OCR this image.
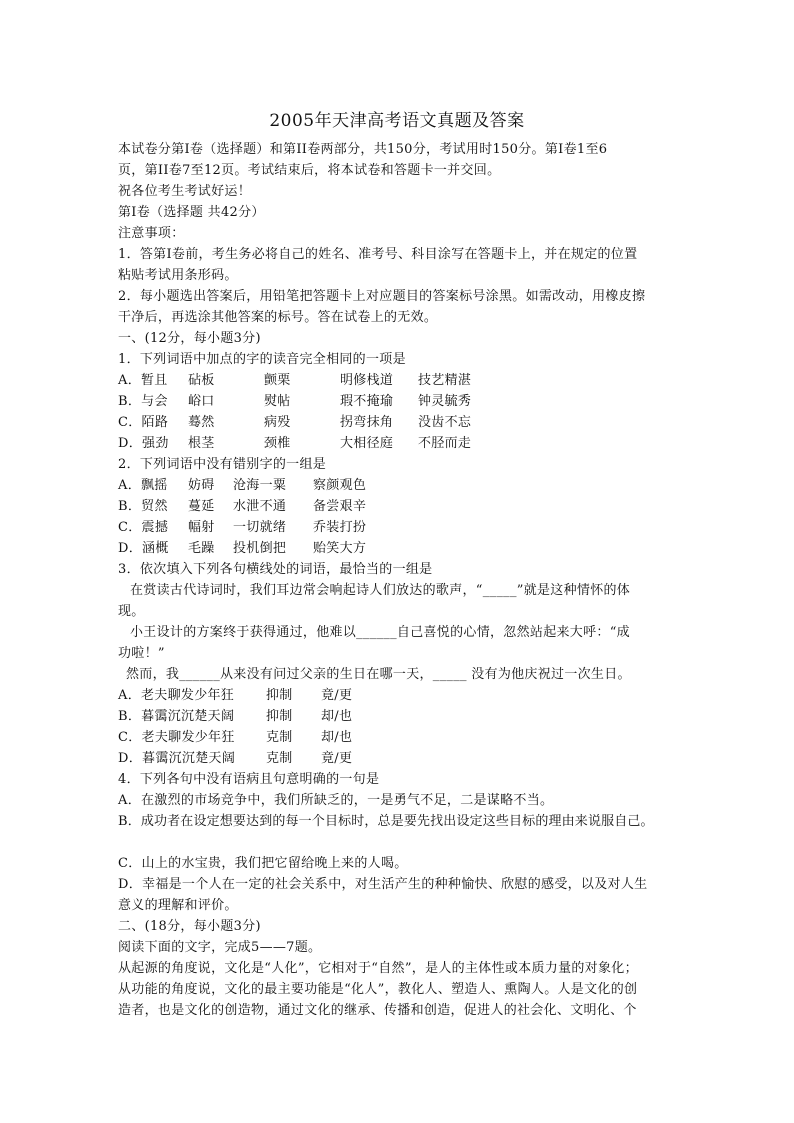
2005年天津高考语文真题及答案
本试卷分第Ⅰ卷（选择题）和第II卷两部分，共150分，考试用时150分。第Ⅰ卷1至6
页，第II卷7至12页。考试结束后，将本试卷和答题卡一并交回。
祝各位考生考试好运！
第Ⅰ卷（选择题 共42分）
注意事项：
1．答第Ⅰ卷前，考生务必将自己的姓名、准考号、科目涂写在答题卡上，并在规定的位置
粘贴考试用条形码。
2．每小题选出答案后，用铅笔把答题卡上对应题目的答案标号涂黑。如需改动，用橡皮擦
干净后，再选涂其他答案的标号。答在试卷上的无效。
一、(12分，每小题3分)
1．下列词语中加点的字的读音完全相同的一项是
A．暂且 砧板	颤栗	明修栈道 技艺精湛
B．与会 峪口	熨帖	瑕不掩瑜 钟灵毓秀
C．陌路 蓦然	病殁	拐弯抹角 没齿不忘
D．强劲 根茎	颈椎	大相径庭 不胫而走
2．下列词语中没有错别字的一组是
A．飘摇 妨碍 沧海一粟 察颜观色
B．贸然 蔓延 水泄不通 备尝艰辛
C．震撼 幅射 一切就绪 乔装打扮
D．涵概 毛躁 投机倒把 贻笑大方
3．依次填入下列各句横线处的词语，最恰当的一组是
在赏读古代诗词时，我们耳边常会响起诗人们放达的歌声，“_____”就是这种情怀的体
现。
小王设计的方案终于获得通过，他难以______自己喜悦的心情，忽然站起来大呼：“成
功啦！”
然而，我______从来没有问过父亲的生日在哪一天，_____ 没有为他庆祝过一次生日。
A．老夫聊发少年狂 抑制 竟/更
B．暮霭沉沉楚天阔 抑制 却/也
C．老夫聊发少年狂 克制 却/也
D．暮霭沉沉楚天阔 克制 竟/更
4．下列各句中没有语病且句意明确的一句是
A．在激烈的市场竞争中，我们所缺乏的，一是勇气不足，二是谋略不当。
B．成功者在设定想要达到的每一个目标时，总是要先找出设定这些目标的理由来说服自己。
C．山上的水宝贵，我们把它留给晚上来的人喝。
D．幸福是一个人在一定的社会关系中，对生活产生的种种愉快、欣慰的感受，以及对人生
意义的理解和评价。
二、(18分，每小题3分)
阅读下面的文字，完成5——7题。
从起源的角度说，文化是“人化”，它相对于“自然”，是人的主体性或本质力量的对象化；
从功能的角度说，文化的最主要功能是“化人”，教化人、塑造人、熏陶人。人是文化的创
造者，也是文化的创造物，通过文化的继承、传播和创造，促进人的社会化、文明化、个
